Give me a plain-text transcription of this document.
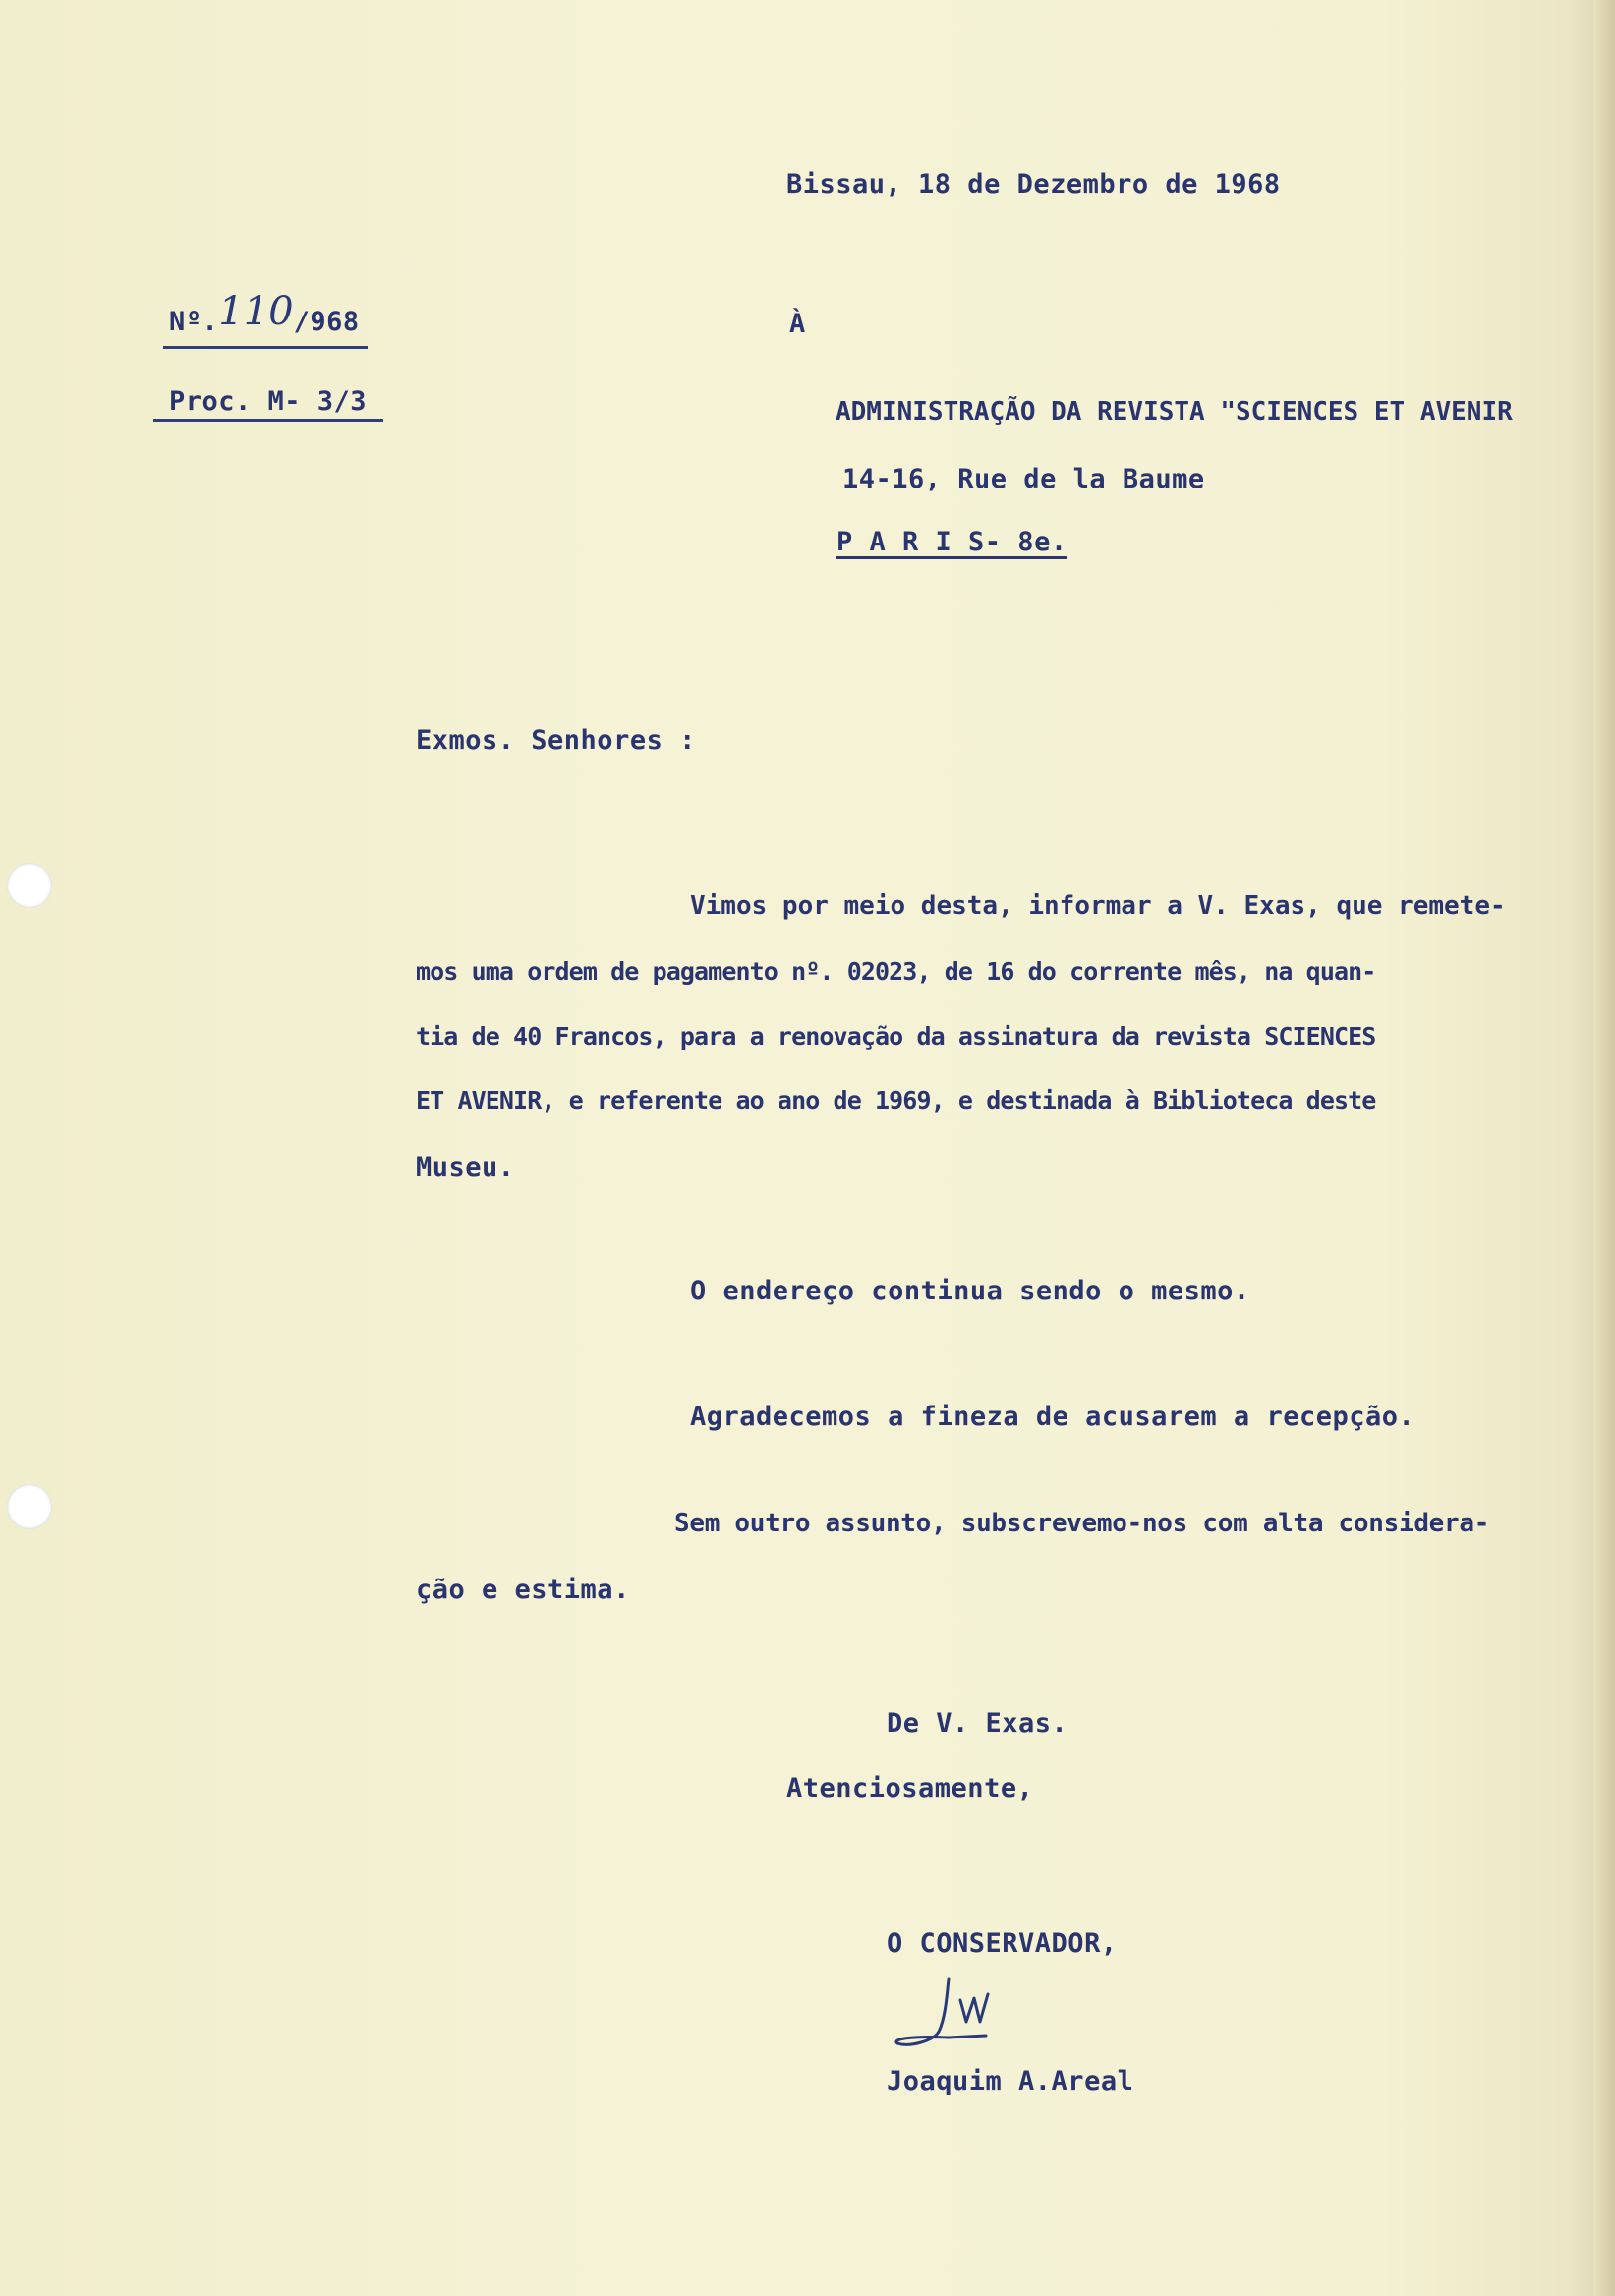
Bissau, 18 de Dezembro de 1968
Nº.110/968
Proc. M- 3/3
À
ADMINISTRAÇÃO DA REVISTA "SCIENCES ET AVENIR
14-16, Rue de la Baume
P A R I S- 8e.
Exmos. Senhores :
Vimos por meio desta, informar a V. Exas, que remete-
mos uma ordem de pagamento nº. 02023, de 16 do corrente mês, na quan-
tia de 40 Francos, para a renovação da assinatura da revista SCIENCES
ET AVENIR, e referente ao ano de 1969, e destinada à Biblioteca deste
Museu.
O endereço continua sendo o mesmo.
Agradecemos a fineza de acusarem a recepção.
Sem outro assunto, subscrevemo-nos com alta considera-
ção e estima.
De V. Exas.
Atenciosamente,
O CONSERVADOR,
Joaquim A.Areal
